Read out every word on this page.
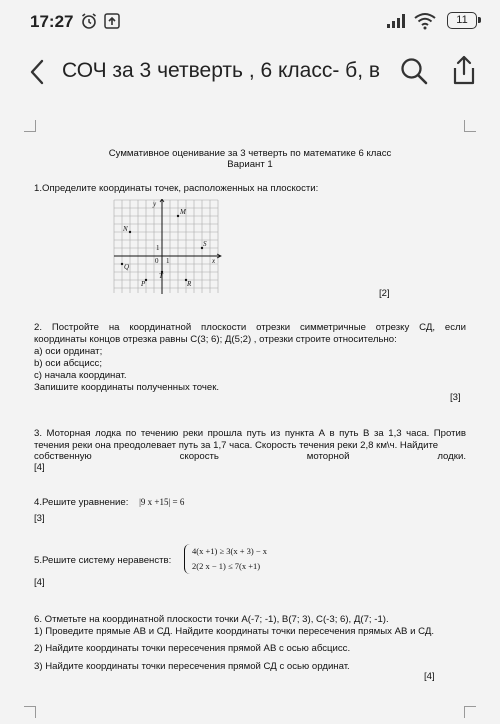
17:27	11
СОЧ за 3 четверть , 6 класс- б, в
Суммативное оценивание за 3 четверть по математике 6 класс
Вариант 1
1.Определите координаты точек, расположенных на плоскости:
y
x
M
N
S
Q
T
P	R
0 1
1
[2]
2. Постройте на координатной плоскости отрезки симметричные отрезку СД, если
координаты концов отрезка равны С(3; 6); Д(5;2) , отрезки строите относительно:
а) оси ординат;
b) оси абсцисс;
с) начала координат.
Запишите координаты полученных точек.
[3]
3. Моторная лодка по течению реки прошла путь из пункта А в путь В за 1,3 часа. Против
течения реки она преодолевает путь за 1,7 часа. Скорость течения реки 2,8 км\ч. Найдите
собственную скорость моторной лодки.
[4]
4.Решите уравнение: |9 x +15| = 6
[3]
5.Решите систему неравенств:
4(x +1) ≥ 3(x + 3) − x
2(2 x − 1) ≤ 7(x +1)
[4]
6. Отметьте на координатной плоскости точки А(-7; -1), В(7; 3), С(-3; 6), Д(7; -1).
1) Проведите прямые АВ и СД. Найдите координаты точки пересечения прямых АВ и СД.
2) Найдите координаты точки пересечения прямой АВ с осью абсцисс.
3) Найдите координаты точки пересечения прямой СД с осью ординат.
[4]
